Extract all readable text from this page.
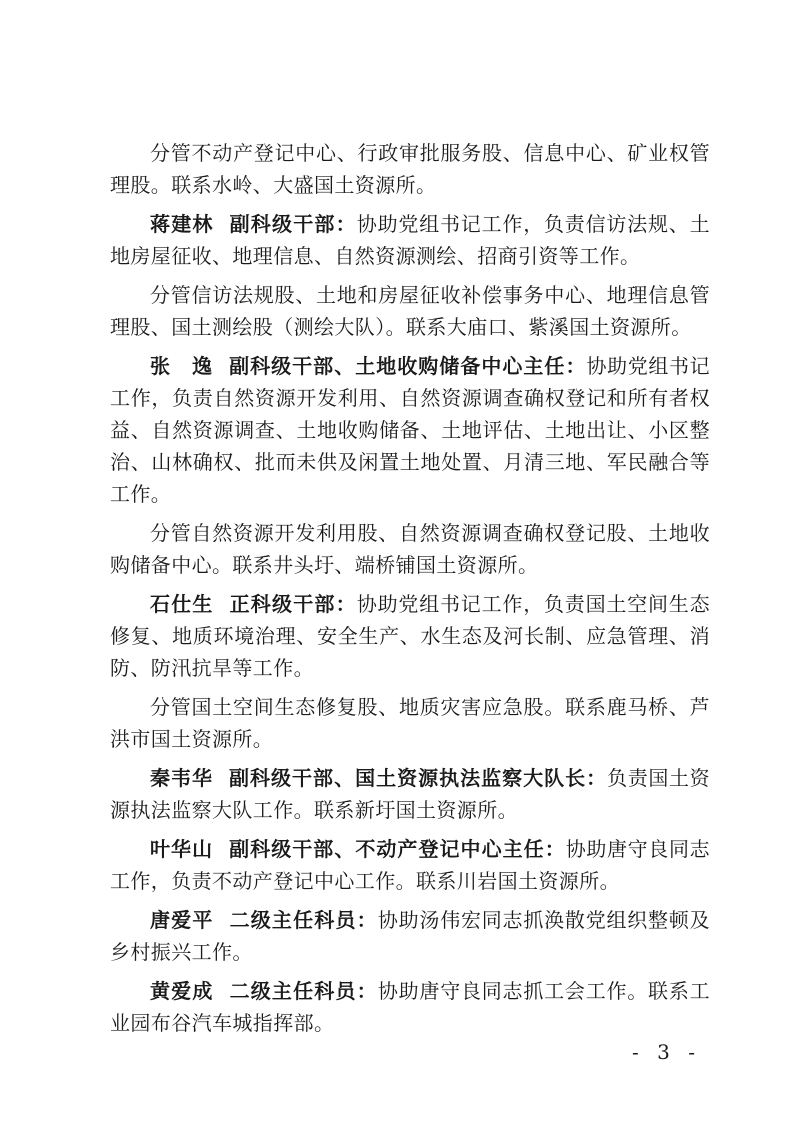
分管不动产登记中心、行政审批服务股、信息中心、矿业权管理股。联系水岭、大盛国土资源所。

蒋建林 副科级干部：协助党组书记工作，负责信访法规、土地房屋征收、地理信息、自然资源测绘、招商引资等工作。

分管信访法规股、土地和房屋征收补偿事务中心、地理信息管理股、国土测绘股（测绘大队）。联系大庙口、紫溪国土资源所。

张　逸 副科级干部、土地收购储备中心主任：协助党组书记工作，负责自然资源开发利用、自然资源调查确权登记和所有者权益、自然资源调查、土地收购储备、土地评估、土地出让、小区整治、山林确权、批而未供及闲置土地处置、月清三地、军民融合等工作。

分管自然资源开发利用股、自然资源调查确权登记股、土地收购储备中心。联系井头圩、端桥铺国土资源所。

石仕生 正科级干部：协助党组书记工作，负责国土空间生态修复、地质环境治理、安全生产、水生态及河长制、应急管理、消防、防汛抗旱等工作。

分管国土空间生态修复股、地质灾害应急股。联系鹿马桥、芦洪市国土资源所。

秦韦华 副科级干部、国土资源执法监察大队长：负责国土资源执法监察大队工作。联系新圩国土资源所。

叶华山 副科级干部、不动产登记中心主任：协助唐守良同志工作，负责不动产登记中心工作。联系川岩国土资源所。

唐爱平 二级主任科员：协助汤伟宏同志抓涣散党组织整顿及乡村振兴工作。

黄爱成 二级主任科员：协助唐守良同志抓工会工作。联系工业园布谷汽车城指挥部。

- 3 -
